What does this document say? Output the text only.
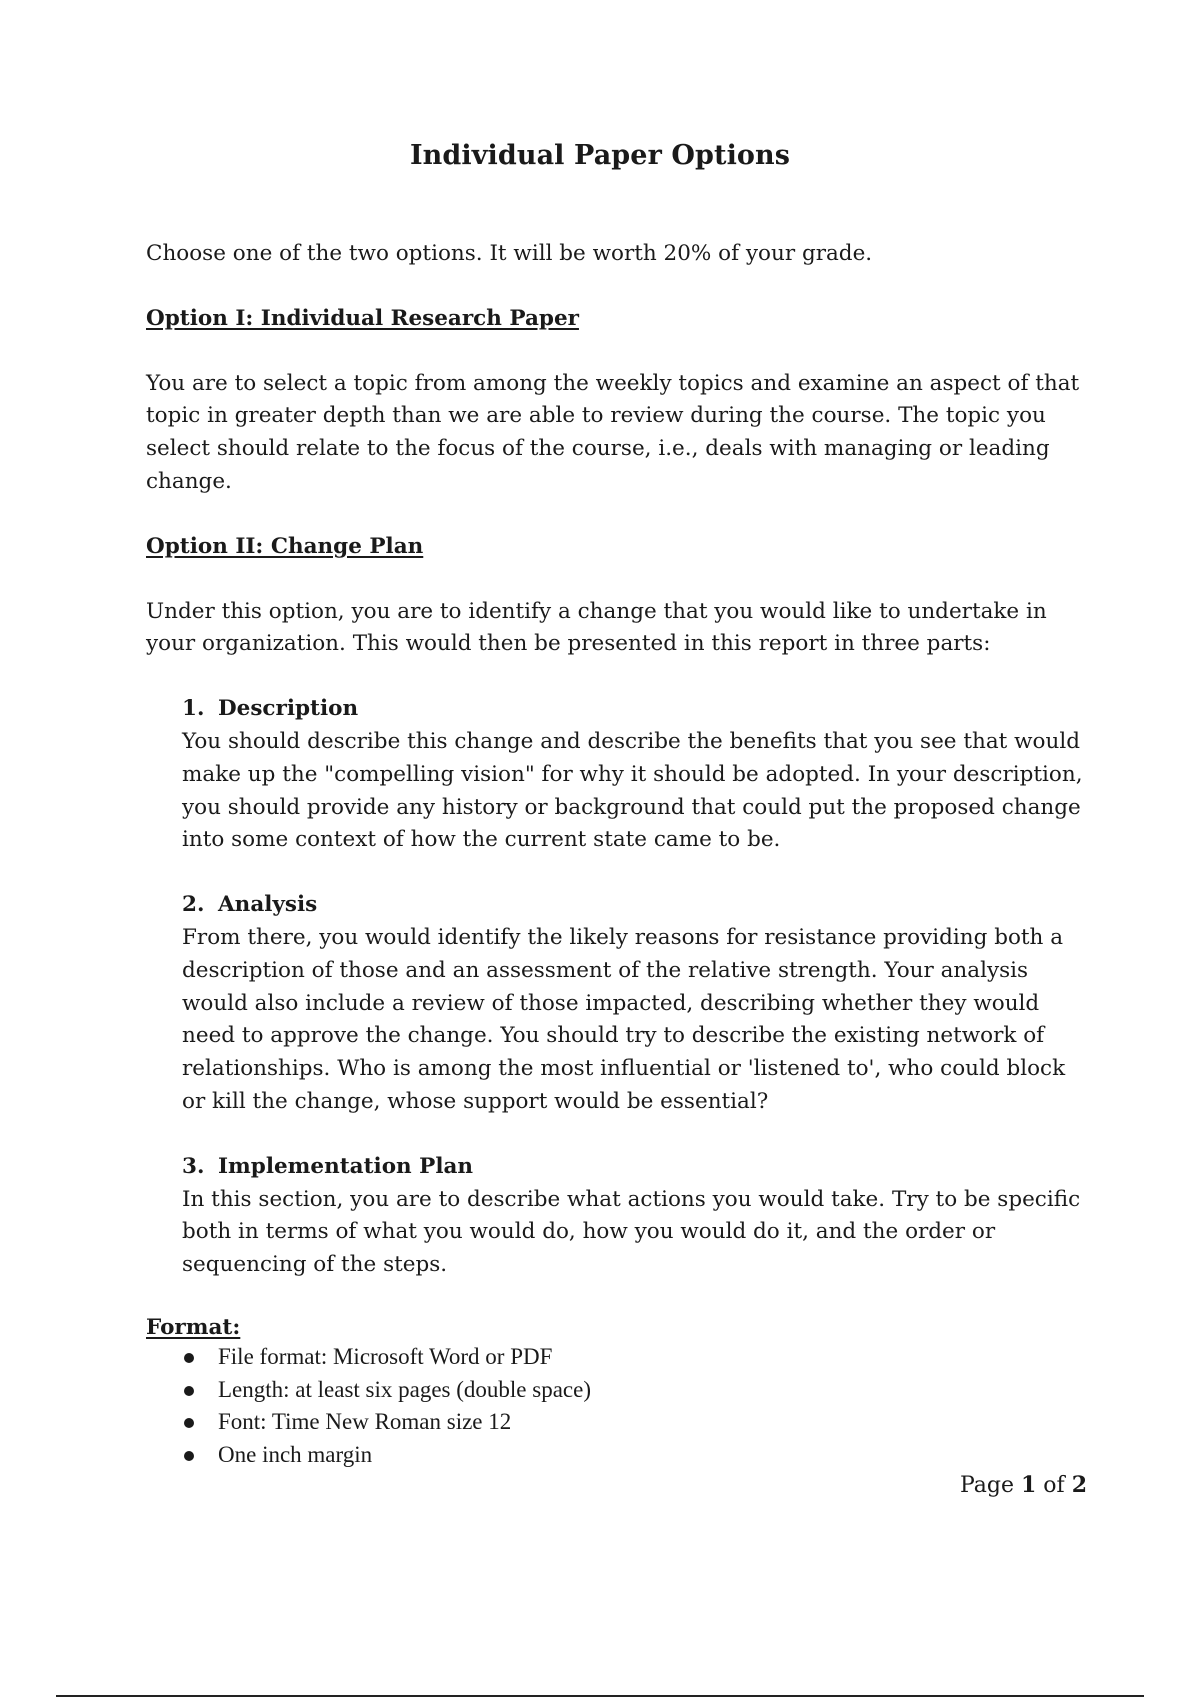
Individual Paper Options

Choose one of the two options. It will be worth 20% of your grade.

Option I: Individual Research Paper

You are to select a topic from among the weekly topics and examine an aspect of that topic in greater depth than we are able to review during the course. The topic you select should relate to the focus of the course, i.e., deals with managing or leading change.

Option II: Change Plan

Under this option, you are to identify a change that you would like to undertake in your organization. This would then be presented in this report in three parts:

1. Description

You should describe this change and describe the benefits that you see that would make up the "compelling vision" for why it should be adopted. In your description, you should provide any history or background that could put the proposed change into some context of how the current state came to be.

2. Analysis

From there, you would identify the likely reasons for resistance providing both a description of those and an assessment of the relative strength. Your analysis would also include a review of those impacted, describing whether they would need to approve the change. You should try to describe the existing network of relationships. Who is among the most influential or 'listened to', who could block or kill the change, whose support would be essential?

3. Implementation Plan

In this section, you are to describe what actions you would take. Try to be specific both in terms of what you would do, how you would do it, and the order or sequencing of the steps.

Format:
File format: Microsoft Word or PDF
Length: at least six pages (double space)
Font: Time New Roman size 12
One inch margin
Page 1 of 2
